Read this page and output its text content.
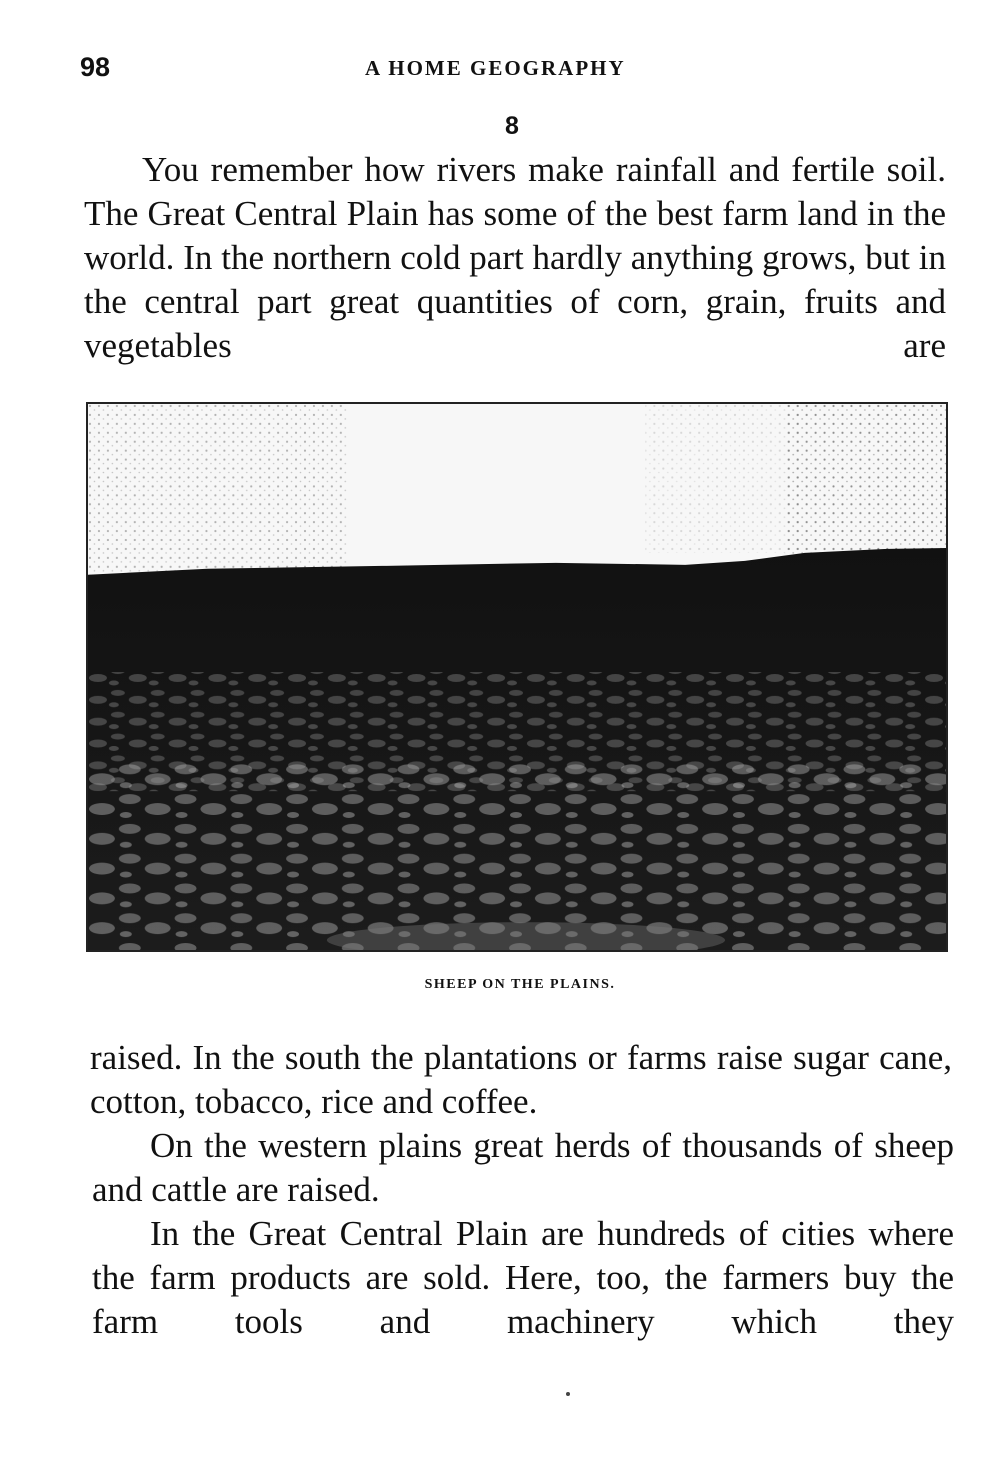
98	A HOME GEOGRAPHY
8

You remember how rivers make rainfall and fertile soil. The Great Central Plain has some of the best farm land in the world. In the northern cold part hardly anything grows, but in the central part great quantities of corn, grain, fruits and vegetables are

SHEEP ON THE PLAINS.

raised. In the south the plantations or farms raise sugar cane, cotton, tobacco, rice and coffee.

On the western plains great herds of thousands of sheep and cattle are raised.

In the Great Central Plain are hundreds of cities where the farm products are sold. Here, too, the farmers buy the farm tools and machinery which they
